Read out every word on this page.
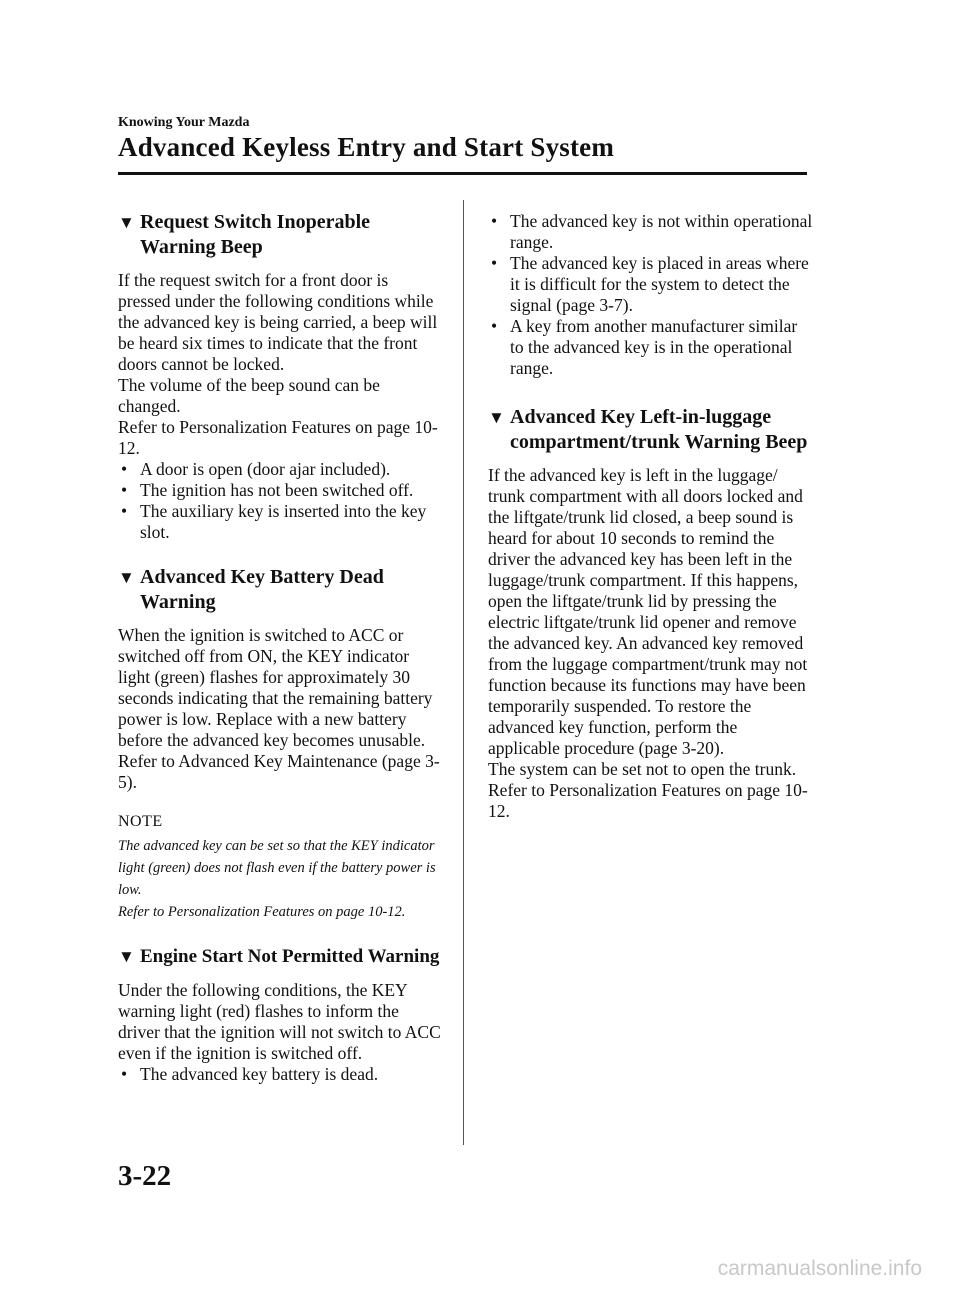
Knowing Your Mazda
Advanced Keyless Entry and Start System
▼ Request Switch Inoperable
Warning Beep

If the request switch for a front door is pressed under the following conditions while the advanced key is being carried, a beep will be heard six times to indicate that the front doors cannot be locked.

The volume of the beep sound can be changed.

Refer to Personalization Features on page 10-12.

• A door is open (door ajar included).
• The ignition has not been switched off.
• The auxiliary key is inserted into the key slot.
▼ Advanced Key Battery Dead
Warning

When the ignition is switched to ACC or switched off from ON, the KEY indicator light (green) flashes for approximately 30 seconds indicating that the remaining battery power is low. Replace with a new battery before the advanced key becomes unusable.

Refer to Advanced Key Maintenance (page 3-5).

NOTE

The advanced key can be set so that the KEY indicator light (green) does not flash even if the battery power is low.

Refer to Personalization Features on page 10-12.

▼ Engine Start Not Permitted Warning

Under the following conditions, the KEY warning light (red) flashes to inform the driver that the ignition will not switch to ACC even if the ignition is switched off.

• The advanced key battery is dead.
• The advanced key is not within operational range.
• The advanced key is placed in areas where it is difficult for the system to detect the signal (page 3-7).
• A key from another manufacturer similar to the advanced key is in the operational range.
▼ Advanced Key Left-in-luggage
compartment/trunk Warning Beep

If the advanced key is left in the luggage/ trunk compartment with all doors locked and the liftgate/trunk lid closed, a beep sound is heard for about 10 seconds to remind the driver the advanced key has been left in the luggage/trunk compartment. If this happens, open the liftgate/trunk lid by pressing the electric liftgate/trunk lid opener and remove the advanced key. An advanced key removed from the luggage compartment/trunk may not function because its functions may have been temporarily suspended. To restore the advanced key function, perform the applicable procedure (page 3-20).

The system can be set not to open the trunk.

Refer to Personalization Features on page 10-12.

3-22
carmanualsonline.info
